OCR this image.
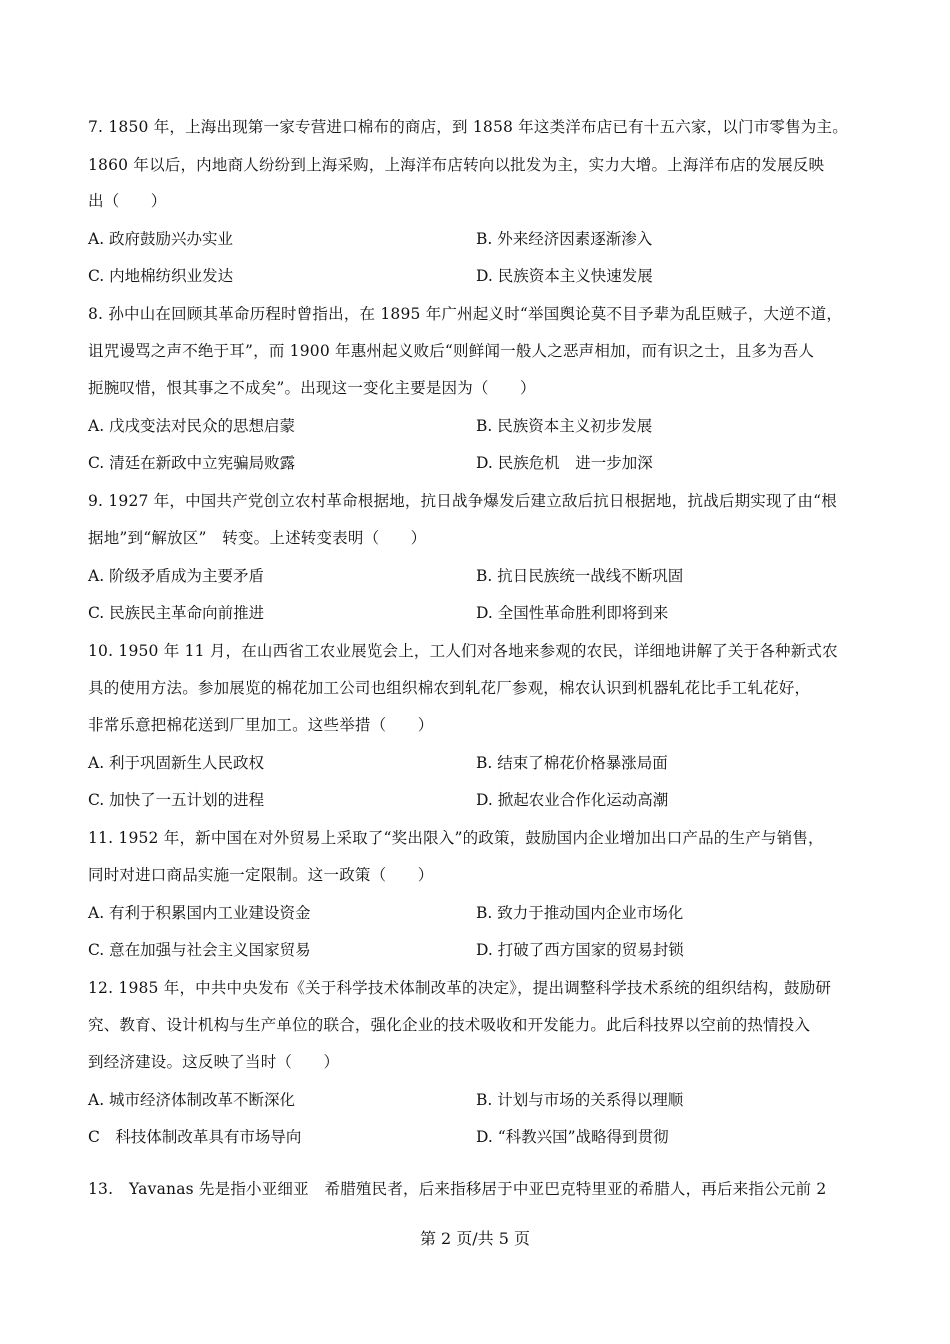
7. 1850 年，上海出现第一家专营进口棉布的商店，到 1858 年这类洋布店已有十五六家，以门市零售为主。
1860 年以后，内地商人纷纷到上海采购，上海洋布店转向以批发为主，实力大增。上海洋布店的发展反映
出（　　）
A. 政府鼓励兴办实业	B. 外来经济因素逐渐渗入
C. 内地棉纺织业发达	D. 民族资本主义快速发展
8. 孙中山在回顾其革命历程时曾指出，在 1895 年广州起义时“举国舆论莫不目予辈为乱臣贼子，大逆不道，
诅咒谩骂之声不绝于耳”，而 1900 年惠州起义败后“则鲜闻一般人之恶声相加，而有识之士，且多为吾人
扼腕叹惜，恨其事之不成矣”。出现这一变化主要是因为（　　）
A. 戊戌变法对民众的思想启蒙	B. 民族资本主义初步发展
C. 清廷在新政中立宪骗局败露	D. 民族危机　进一步加深
9. 1927 年，中国共产党创立农村革命根据地，抗日战争爆发后建立敌后抗日根据地，抗战后期实现了由“根
据地”到“解放区”　转变。上述转变表明（　　）
A. 阶级矛盾成为主要矛盾	B. 抗日民族统一战线不断巩固
C. 民族民主革命向前推进	D. 全国性革命胜利即将到来
10. 1950 年 11 月，在山西省工农业展览会上，工人们对各地来参观的农民，详细地讲解了关于各种新式农
具的使用方法。参加展览的棉花加工公司也组织棉农到轧花厂参观，棉农认识到机器轧花比手工轧花好，
非常乐意把棉花送到厂里加工。这些举措（　　）
A. 利于巩固新生人民政权	B. 结束了棉花价格暴涨局面
C. 加快了一五计划的进程	D. 掀起农业合作化运动高潮
11. 1952 年，新中国在对外贸易上采取了“奖出限入”的政策，鼓励国内企业增加出口产品的生产与销售，
同时对进口商品实施一定限制。这一政策（　　）
A. 有利于积累国内工业建设资金	B. 致力于推动国内企业市场化
C. 意在加强与社会主义国家贸易	D. 打破了西方国家的贸易封锁
12. 1985 年，中共中央发布《关于科学技术体制改革的决定》，提出调整科学技术系统的组织结构，鼓励研
究、教育、设计机构与生产单位的联合，强化企业的技术吸收和开发能力。此后科技界以空前的热情投入
到经济建设。这反映了当时（　　）
A. 城市经济体制改革不断深化	B. 计划与市场的关系得以理顺
C　科技体制改革具有市场导向	D. “科教兴国”战略得到贯彻
13.　Yavanas 先是指小亚细亚　希腊殖民者，后来指移居于中亚巴克特里亚的希腊人，再后来指公元前 2
第 2 页/共 5 页
